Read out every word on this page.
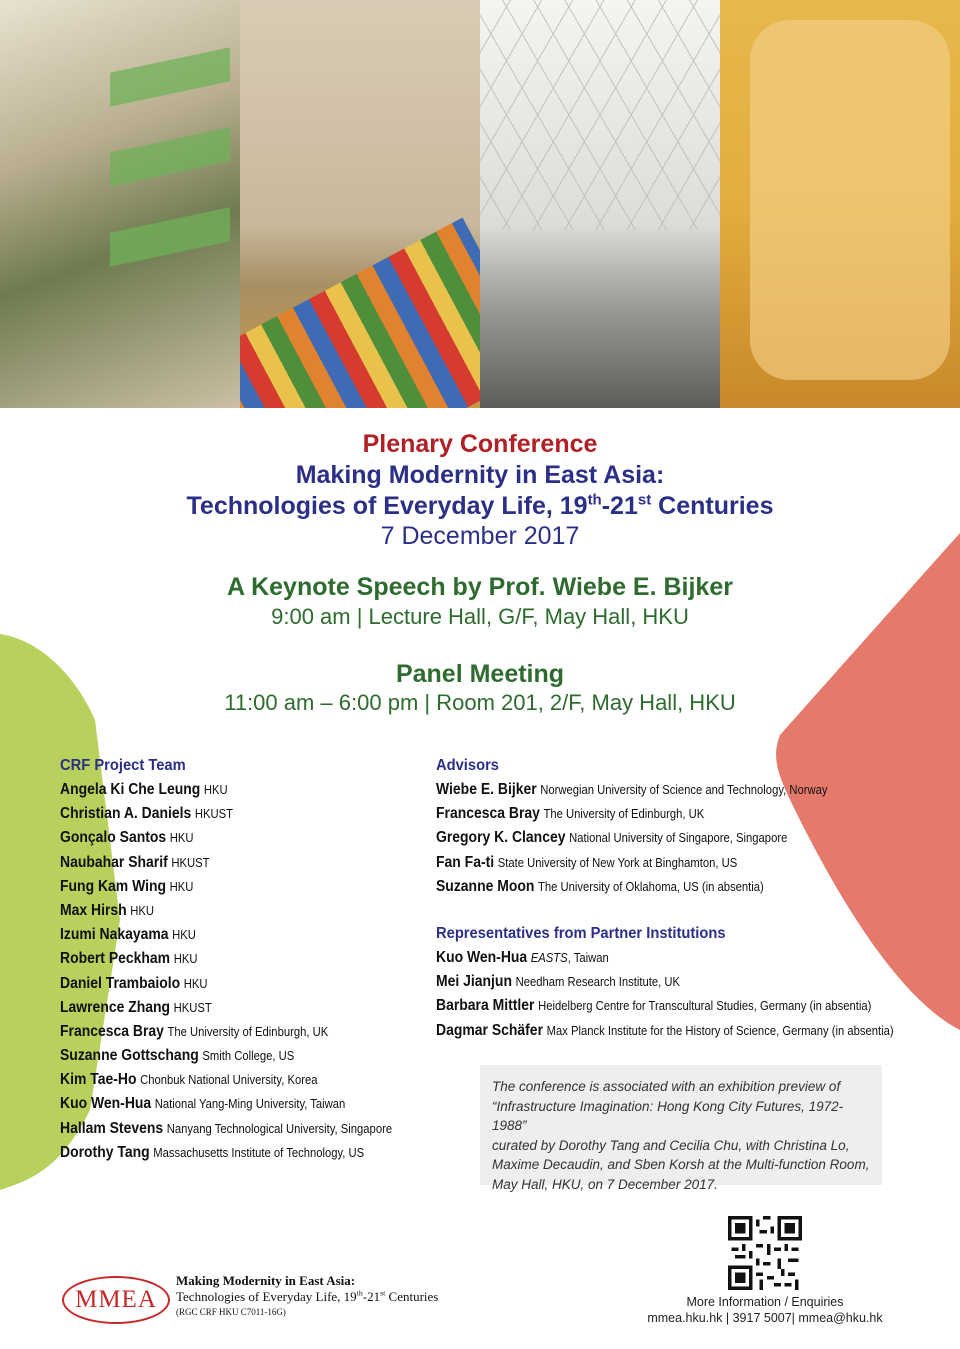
Plenary Conference
Making Modernity in East Asia:
Technologies of Everyday Life, 19th-21st Centuries
7 December 2017
A Keynote Speech by Prof. Wiebe E. Bijker
9:00 am | Lecture Hall, G/F, May Hall, HKU
Panel Meeting
11:00 am – 6:00 pm | Room 201, 2/F, May Hall, HKU
CRF Project Team
Angela Ki Che Leung HKU
Christian A. Daniels HKUST
Gonçalo Santos HKU
Naubahar Sharif HKUST
Fung Kam Wing HKU
Max Hirsh HKU
Izumi Nakayama HKU
Robert Peckham HKU
Daniel Trambaiolo HKU
Lawrence Zhang HKUST
Francesca Bray The University of Edinburgh, UK
Suzanne Gottschang Smith College, US
Kim Tae-Ho Chonbuk National University, Korea
Kuo Wen-Hua National Yang-Ming University, Taiwan
Hallam Stevens Nanyang Technological University, Singapore
Dorothy Tang Massachusetts Institute of Technology, US
Advisors
Wiebe E. Bijker Norwegian University of Science and Technology, Norway
Francesca Bray The University of Edinburgh, UK
Gregory K. Clancey National University of Singapore, Singapore
Fan Fa-ti State University of New York at Binghamton, US
Suzanne Moon The University of Oklahoma, US (in absentia)
Representatives from Partner Institutions
Kuo Wen-Hua EASTS, Taiwan
Mei Jianjun Needham Research Institute, UK
Barbara Mittler Heidelberg Centre for Transcultural Studies, Germany (in absentia)
Dagmar Schäfer Max Planck Institute for the History of Science, Germany (in absentia)

The conference is associated with an exhibition preview of
“Infrastructure Imagination: Hong Kong City Futures, 1972-1988”
curated by Dorothy Tang and Cecilia Chu, with Christina Lo,
Maxime Decaudin, and Sben Korsh at the Multi-function Room,
May Hall, HKU, on 7 December 2017.

MMEA
Making Modernity in East Asia:
Technologies of Everyday Life, 19th-21st Centuries
(RGC CRF HKU C7011-16G)
More Information / Enquiries
mmea.hku.hk | 3917 5007| mmea@hku.hk
